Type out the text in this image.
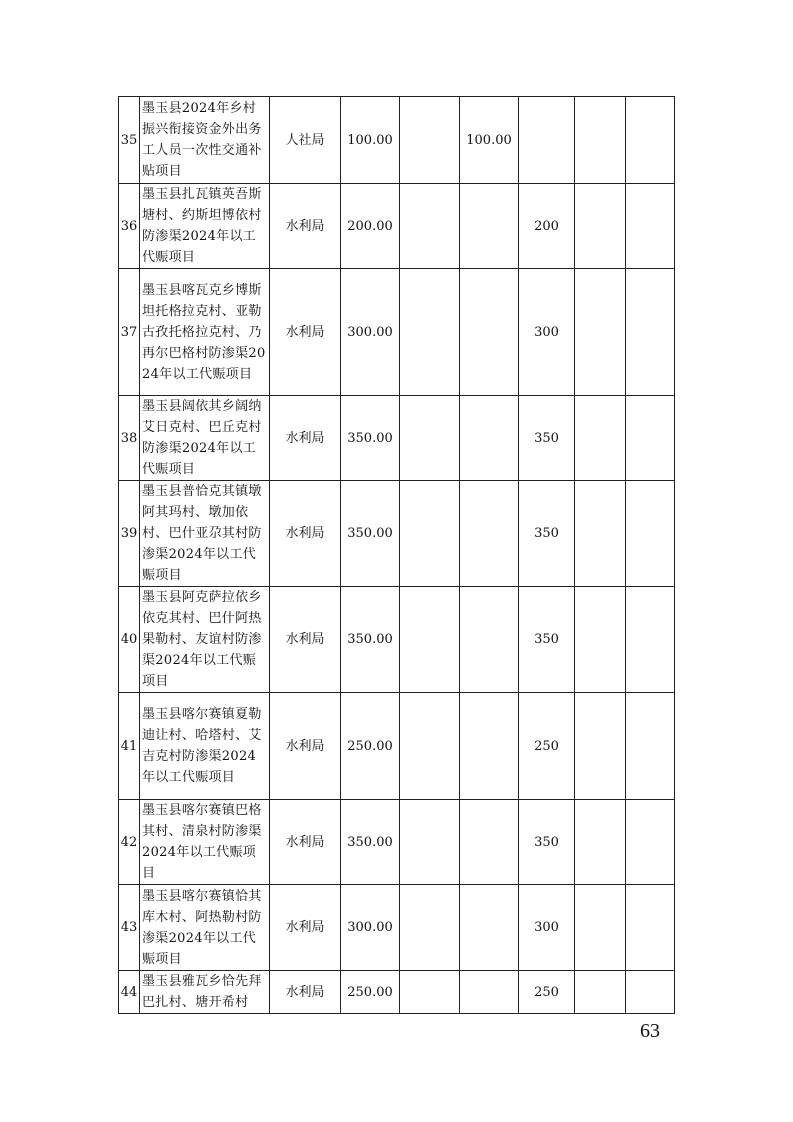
35	墨玉县2024年乡村振兴衔接资金外出务工人员一次性交通补贴项目	人社局	100.00		100.00			
36	墨玉县扎瓦镇英吾斯塘村、约斯坦博依村防渗渠2024年以工代赈项目	水利局	200.00			200		
37	墨玉县喀瓦克乡博斯坦托格拉克村、亚勒古孜托格拉克村、乃再尔巴格村防渗渠2024年以工代赈项目	水利局	300.00			300		
38	墨玉县阔依其乡阔纳艾日克村、巴丘克村防渗渠2024年以工代赈项目	水利局	350.00			350		
39	墨玉县普恰克其镇墩阿其玛村、墩加依村、巴什亚尕其村防渗渠2024年以工代赈项目	水利局	350.00			350		
40	墨玉县阿克萨拉依乡依克其村、巴什阿热果勒村、友谊村防渗渠2024年以工代赈项目	水利局	350.00			350		
41	墨玉县喀尔赛镇夏勒迪让村、哈塔村、艾吉克村防渗渠2024年以工代赈项目	水利局	250.00			250		
42	墨玉县喀尔赛镇巴格其村、清泉村防渗渠2024年以工代赈项目	水利局	350.00			350		
43	墨玉县喀尔赛镇恰其库木村、阿热勒村防渗渠2024年以工代赈项目	水利局	300.00			300		
44	墨玉县雅瓦乡恰先拜巴扎村、塘开希村	水利局	250.00			250		
63
